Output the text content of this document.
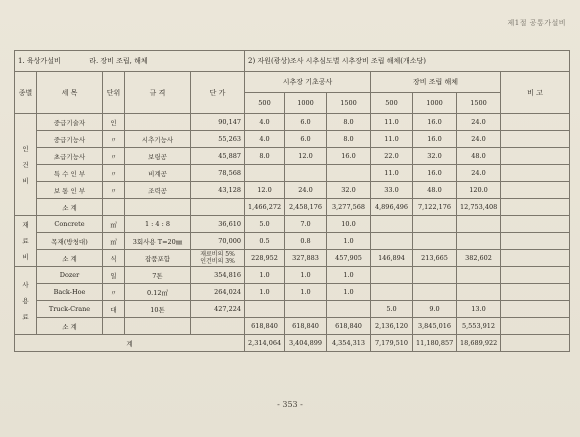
제1절 공통가설비
1. 육상가설비 라. 장비 조립, 해체					2) 자원(광상)조사 시추심도별 시추장비 조립 해체(개소당)						
종별	세 목	단위	규 격	단 가	시추장 기초공사			장비 조립 해체			비 고
					500	1000	1500	500	1000	1500	
인
건
비	중급기술자	인		90,147	4.0	6.0	8.0	11.0	16.0	24.0	
	중급기능사	〃	시추기능사	55,263	4.0	6.0	8.0	11.0	16.0	24.0	
	초급기능사	〃	보링공	45,887	8.0	12.0	16.0	22.0	32.0	48.0	
	특 수 인 부	〃	비계공	78,568				11.0	16.0	24.0	
	보 통 인 부	〃	조력공	43,128	12.0	24.0	32.0	33.0	48.0	120.0	
	소 계				1,466,272	2,458,176	3,277,568	4,896,496	7,122,176	12,753,408	
재
료
비	Concrete	㎥	1 : 4 : 8	36,610	5.0	7.0	10.0				
	목재(방청대)	㎥	3회사용 T=20㎜	70,000	0.5	0.8	1.0				
	소 계	식	잡품포함	재료비의 5%
인건비의 3%	228,952	327,883	457,905	146,894	213,665	382,602	
사
용
료	Dozer	일	7톤	354,816	1.0	1.0	1.0				
	Back-Hoe	〃	0.12㎥	264,024	1.0	1.0	1.0				
	Truck-Crane	대	10톤	427,224				5.0	9.0	13.0	
	소 계				618,840	618,840	618,840	2,136,120	3,845,016	5,553,912	
계					2,314,064	3,404,899	4,354,313	7,179,510	11,180,857	18,689,922	
- 353 -
